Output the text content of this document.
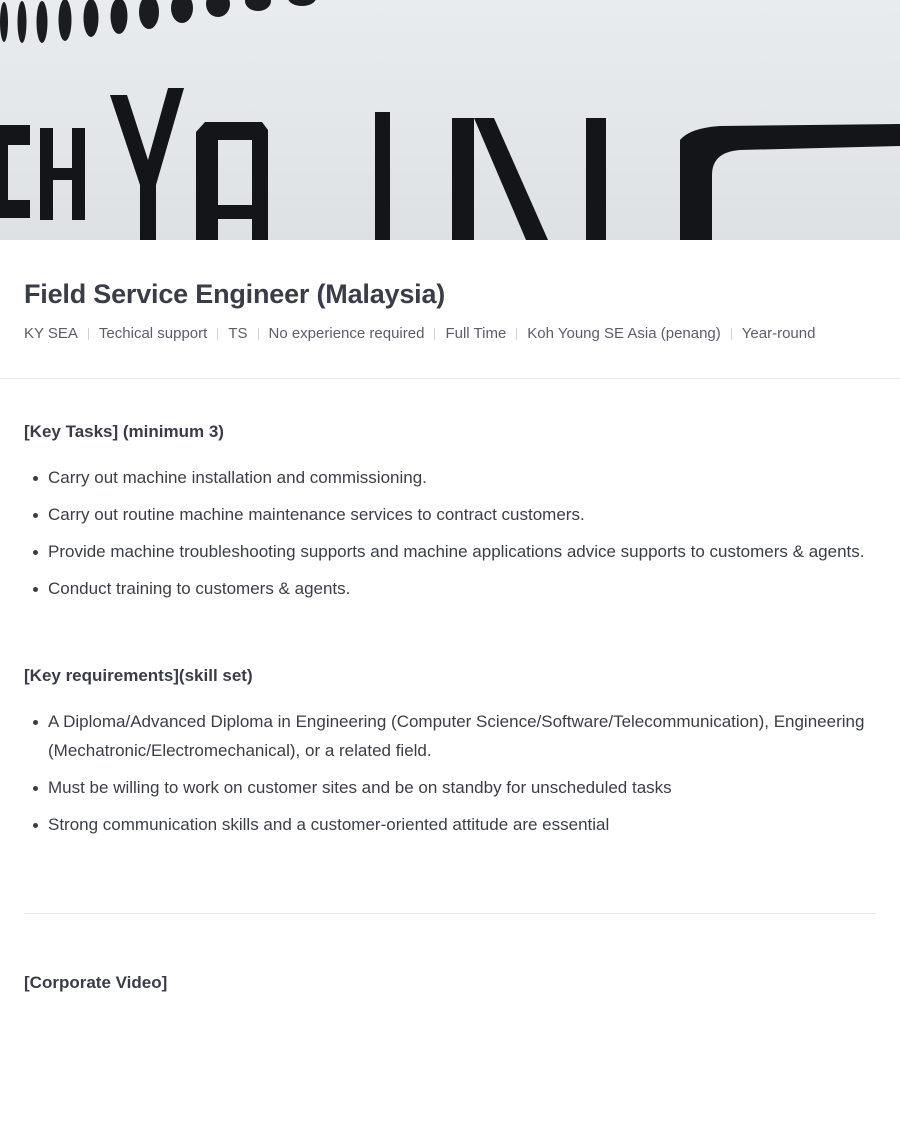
Field Service Engineer (Malaysia)
KY SEA Techical support TS No experience required Full Time Koh Young SE Asia (penang) Year-round
[Key Tasks] (minimum 3)
Carry out machine installation and commissioning.
Carry out routine machine maintenance services to contract customers.
Provide machine troubleshooting supports and machine applications advice supports to customers & agents.
Conduct training to customers & agents.
[Key requirements](skill set)
A Diploma/Advanced Diploma in Engineering (Computer Science/Software/Telecommunication), Engineering (Mechatronic/Electromechanical), or a related field.
Must be willing to work on customer sites and be on standby for unscheduled tasks
Strong communication skills and a customer-oriented attitude are essential
[Corporate Video]
